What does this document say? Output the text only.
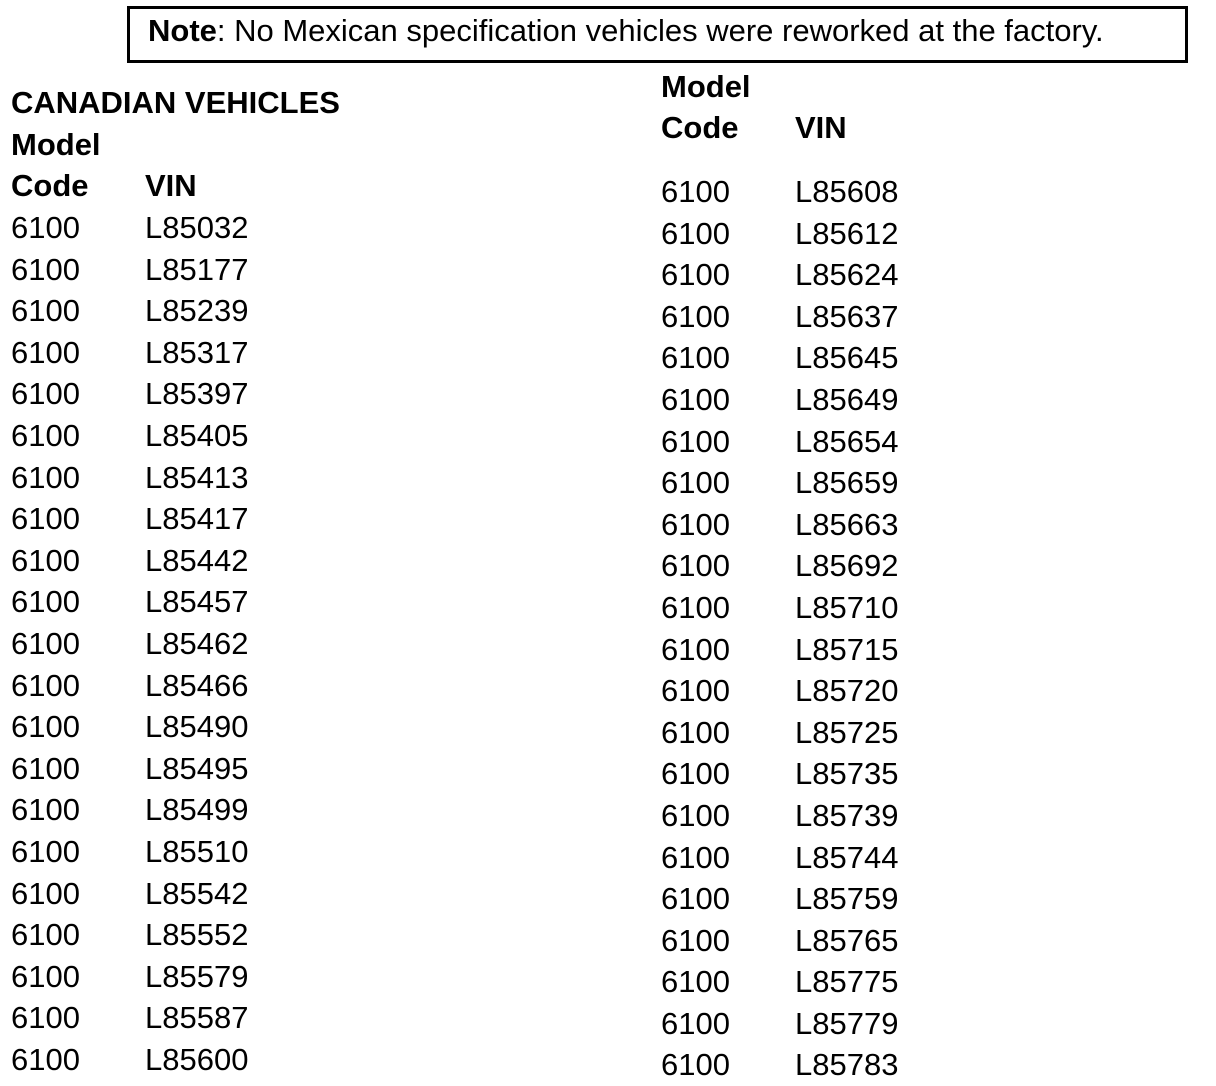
Note: No Mexican specification vehicles were reworked at the factory.
CANADIAN VEHICLES
Model
Code VIN
6100 L85032
6100 L85177
6100 L85239
6100 L85317
6100 L85397
6100 L85405
6100 L85413
6100 L85417
6100 L85442
6100 L85457
6100 L85462
6100 L85466
6100 L85490
6100 L85495
6100 L85499
6100 L85510
6100 L85542
6100 L85552
6100 L85579
6100 L85587
6100 L85600
Model
Code VIN
6100 L85608
6100 L85612
6100 L85624
6100 L85637
6100 L85645
6100 L85649
6100 L85654
6100 L85659
6100 L85663
6100 L85692
6100 L85710
6100 L85715
6100 L85720
6100 L85725
6100 L85735
6100 L85739
6100 L85744
6100 L85759
6100 L85765
6100 L85775
6100 L85779
6100 L85783
